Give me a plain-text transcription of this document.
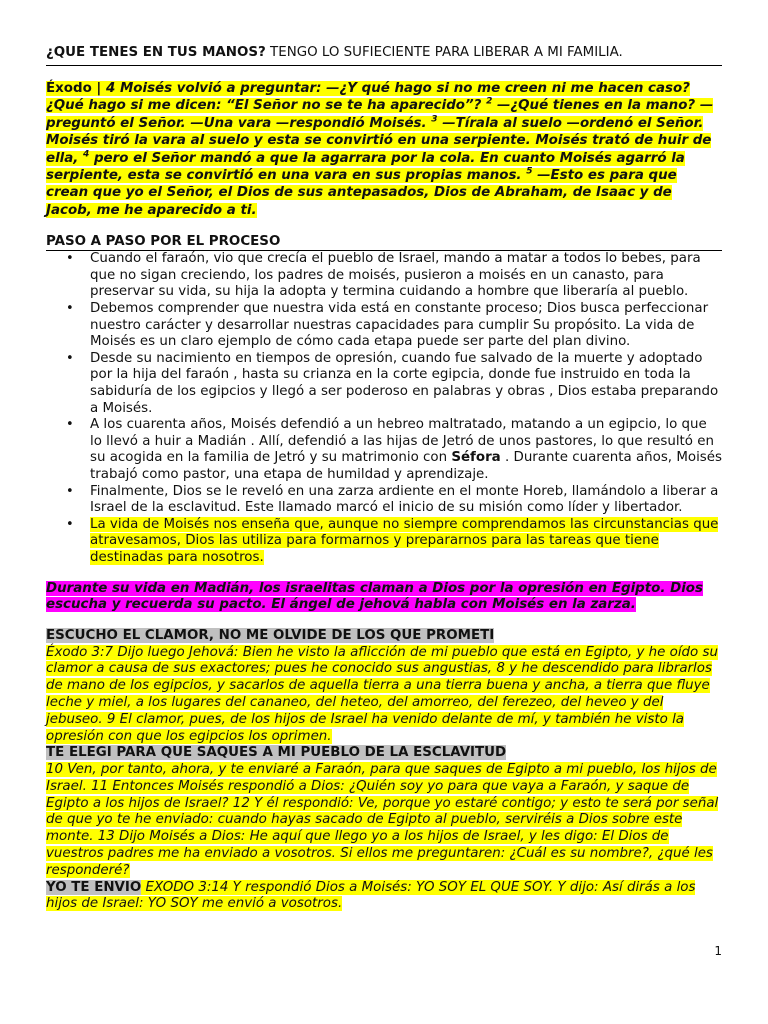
¿QUE TENES EN TUS MANOS? TENGO LO SUFIECIENTE PARA LIBERAR A MI FAMILIA.
Éxodo | 4 Moisés volvió a preguntar: —¿Y qué hago si no me creen ni me hacen caso? ¿Qué hago si me dicen: “El Señor no se te ha aparecido”? $^2$ —¿Qué tienes en la mano? —preguntó el Señor. —Una vara —respondió Moisés. $^3$ —Tírala al suelo —ordenó el Señor. Moisés tiró la vara al suelo y esta se convirtió en una serpiente. Moisés trató de huir de ella, $^4$ pero el Señor mandó a que la agarrara por la cola. En cuanto Moisés agarró la serpiente, esta se convirtió en una vara en sus propias manos. $^5$ —Esto es para que crean que yo el Señor, el Dios de sus antepasados, Dios de Abraham, de Isaac y de Jacob, me he aparecido a ti.
PASO A PASO POR EL PROCESO
• Cuando el faraón, vio que crecía el pueblo de Israel, mando a matar a todos lo bebes, para que no sigan creciendo, los padres de moisés, pusieron a moisés en un canasto, para preservar su vida, su hija la adopta y termina cuidando a hombre que liberaría al pueblo.
• Debemos comprender que nuestra vida está en constante proceso; Dios busca perfeccionar nuestro carácter y desarrollar nuestras capacidades para cumplir Su propósito. La vida de Moisés es un claro ejemplo de cómo cada etapa puede ser parte del plan divino.
• Desde su nacimiento en tiempos de opresión, cuando fue salvado de la muerte y adoptado por la hija del faraón , hasta su crianza en la corte egipcia, donde fue instruido en toda la sabiduría de los egipcios y llegó a ser poderoso en palabras y obras , Dios estaba preparando a Moisés.
• A los cuarenta años, Moisés defendió a un hebreo maltratado, matando a un egipcio, lo que lo llevó a huir a Madián . Allí, defendió a las hijas de Jetró de unos pastores, lo que resultó en su acogida en la familia de Jetró y su matrimonio con Séfora . Durante cuarenta años, Moisés trabajó como pastor, una etapa de humildad y aprendizaje.
• Finalmente, Dios se le reveló en una zarza ardiente en el monte Horeb, llamándolo a liberar a Israel de la esclavitud. Este llamado marcó el inicio de su misión como líder y libertador.
• La vida de Moisés nos enseña que, aunque no siempre comprendamos las circunstancias que atravesamos, Dios las utiliza para formarnos y prepararnos para las tareas que tiene destinadas para nosotros.
Durante su vida en Madián, los israelitas claman a Dios por la opresión en Egipto. Dios escucha y recuerda su pacto. El ángel de jehová habla con Moisés en la zarza.
ESCUCHO EL CLAMOR, NO ME OLVIDE DE LOS QUE PROMETI
Éxodo 3:7 Dijo luego Jehová: Bien he visto la aflicción de mi pueblo que está en Egipto, y he oído su clamor a causa de sus exactores; pues he conocido sus angustias, 8 y he descendido para librarlos de mano de los egipcios, y sacarlos de aquella tierra a una tierra buena y ancha, a tierra que fluye leche y miel, a los lugares del cananeo, del heteo, del amorreo, del ferezeo, del heveo y del jebuseo. 9 El clamor, pues, de los hijos de Israel ha venido delante de mí, y también he visto la opresión con que los egipcios los oprimen.
TE ELEGI PARA QUE SAQUES A MI PUEBLO DE LA ESCLAVITUD
10 Ven, por tanto, ahora, y te enviaré a Faraón, para que saques de Egipto a mi pueblo, los hijos de Israel. 11 Entonces Moisés respondió a Dios: ¿Quién soy yo para que vaya a Faraón, y saque de Egipto a los hijos de Israel? 12 Y él respondió: Ve, porque yo estaré contigo; y esto te será por señal de que yo te he enviado: cuando hayas sacado de Egipto al pueblo, serviréis a Dios sobre este monte. 13 Dijo Moisés a Dios: He aquí que llego yo a los hijos de Israel, y les digo: El Dios de vuestros padres me ha enviado a vosotros. Si ellos me preguntaren: ¿Cuál es su nombre?, ¿qué les responderé?
YO TE ENVIO EXODO 3:14 Y respondió Dios a Moisés: YO SOY EL QUE SOY. Y dijo: Así dirás a los hijos de Israel: YO SOY me envió a vosotros.
1
